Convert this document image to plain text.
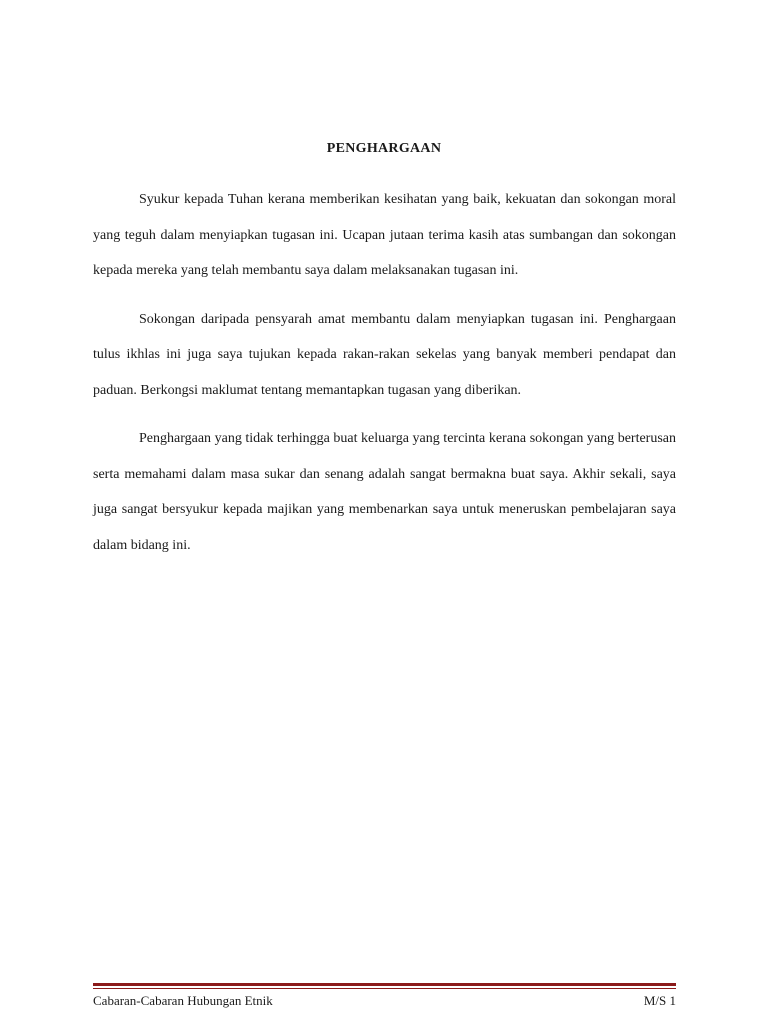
PENGHARGAAN

Syukur kepada Tuhan kerana memberikan kesihatan yang baik, kekuatan dan sokongan moral yang teguh dalam menyiapkan tugasan ini. Ucapan jutaan terima kasih atas sumbangan dan sokongan kepada mereka yang telah membantu saya dalam melaksanakan tugasan ini.

Sokongan daripada pensyarah amat membantu dalam menyiapkan tugasan ini. Penghargaan tulus ikhlas ini juga saya tujukan kepada rakan-rakan sekelas yang banyak memberi pendapat dan paduan. Berkongsi maklumat tentang memantapkan tugasan yang diberikan.

Penghargaan yang tidak terhingga buat keluarga yang tercinta kerana sokongan yang berterusan serta memahami dalam masa sukar dan senang adalah sangat bermakna buat saya. Akhir sekali, saya juga sangat bersyukur kepada majikan yang membenarkan saya untuk meneruskan pembelajaran saya dalam bidang ini.

Cabaran-Cabaran Hubungan Etnik	M/S 1
